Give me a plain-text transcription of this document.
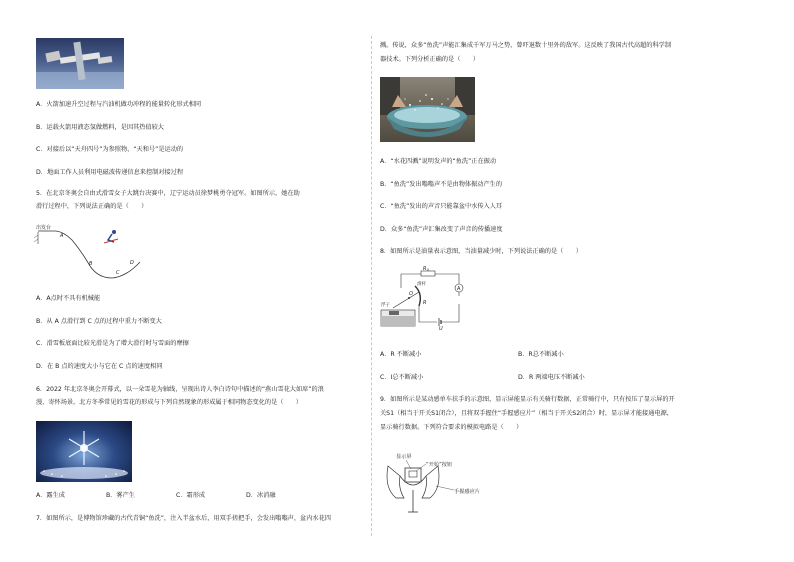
A．火箭加速升空过程与汽油机做功冲程的能量转化形式相同
B．运载火箭用液态氢做燃料，是因其热值较大
C．对接后以“天舟四号”为参照物，“天和号”是运动的
D．地面工作人员利用电磁波传递信息来控制对接过程
5．在北京冬奥会自由式滑雪女子大跳台决赛中，辽宁运动员徐梦桃勇夺冠军。如图所示，她在助
滑行过程中，下列说法正确的是（　　）
出发台
A
B
C
D
A．A点时不具有机械能
B．从 A 点滑行到 C 点的过程中重力不断变大
C．滑雪板底面比较光滑是为了增大滑行时与雪面的摩擦
D．在 B 点的速度大小与它在 C 点的速度相同
6．2022 年北京冬奥会开幕式，以一朵雪花为轴线，呈现出诗人李白诗句中描述的“燕山雪花大如席”的浪
漫、寄怀场景。北方冬季常见的雪花的形成与下列自然现象的形成属于相同物态变化的是（　　）
A．露生成	B．雾产生	C．霜形成	D．冰消融
7．如图所示，是博物馆珍藏的古代青铜“鱼洗”，注入半盆水后，用双手搓把手，会发出嗡嗡声，盆内水花四
溅。传说，众多“鱼洗”声能汇集成千军万马之势，曾吓退数十里外的敌军。这反映了我国古代高超的科学制
器技术。下列分析正确的是（　　）
A．“水花四溅”说明发声的“鱼洗”正在振动
B．“鱼洗”发出嗡嗡声不是由物体振动产生的
C．“鱼洗”发出的声音只能靠盆中水传入人耳
D．众多“鱼洗”声汇集改变了声音的传播速度
8．如图所示是油量表示意图，当油量减少时，下列说法正确的是（　　）
R 0
滑杆
浮子	R
O
A
U
A．R 不断减小	B．R总不断减小
C．I总不断减小	D．R 两端电压不断减小
9．如图所示是某动感单车扶手的示意图，显示屏能显示有关骑行数据，正常骑行中，只有按压了显示屏的开
关S1（相当于开关S1闭合），且将双手握住“手握感应片”（相当于开关S2闭合）时，显示屏才能接通电源，
显示骑行数据。下列符合要求的模拟电路是（　　）
显示屏
“开始”按钮
手握感应片
